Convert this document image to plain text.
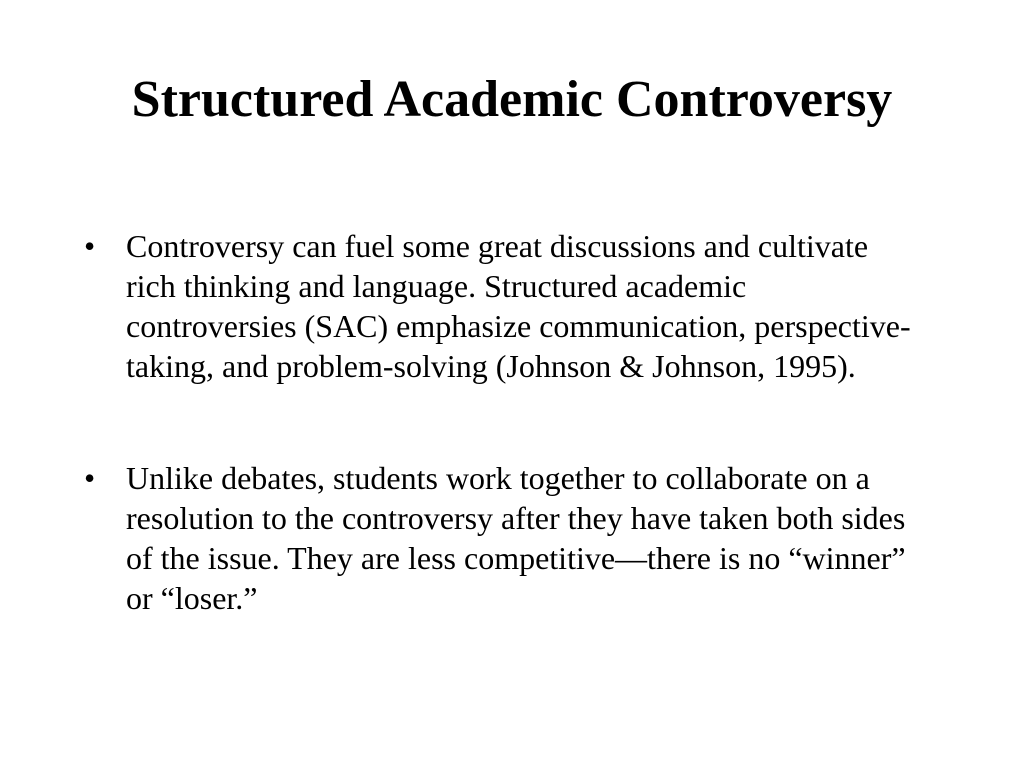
Structured Academic Controversy
• Controversy can fuel some great discussions and cultivate rich thinking and language. Structured academic controversies (SAC) emphasize communication, perspective-taking, and problem-solving (Johnson & Johnson, 1995).
• Unlike debates, students work together to collaborate on a resolution to the controversy after they have taken both sides of the issue. They are less competitive—there is no “winner” or “loser.”
